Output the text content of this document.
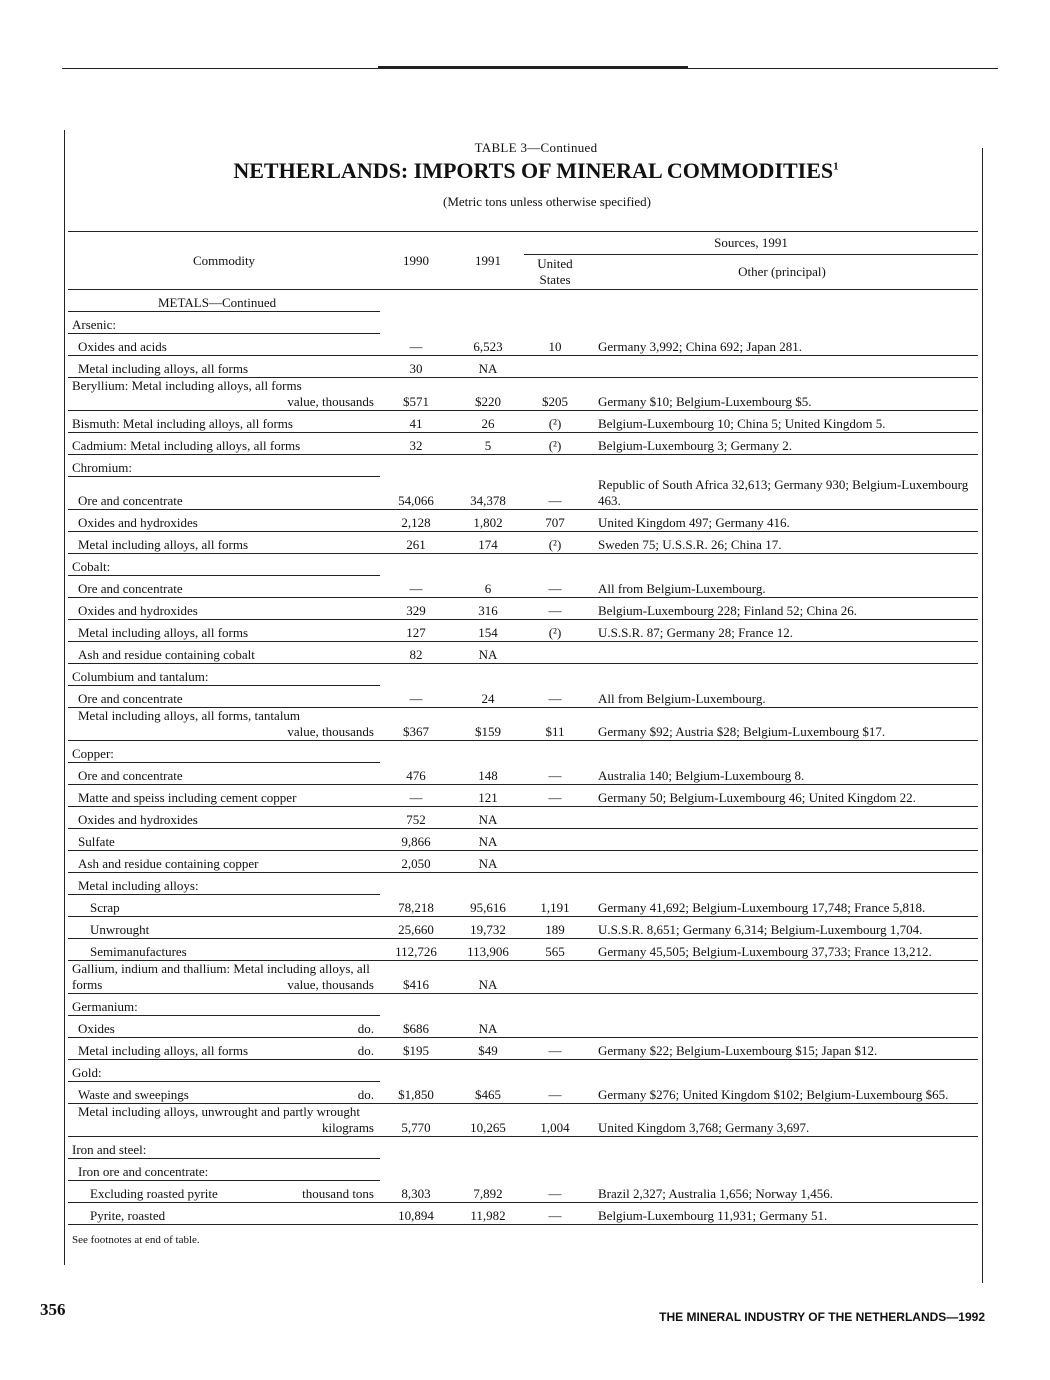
TABLE 3—Continued
NETHERLANDS: IMPORTS OF MINERAL COMMODITIES$^1$
(Metric tons unless otherwise specified)

Commodity	1990	1991	Sources, 1991	
			United States	Other (principal)
METALS—Continued				
Arsenic:				
Oxides and acids	—	6,523	10	Germany 3,992; China 692; Japan 281.
Metal including alloys, all forms	30	NA		
Beryllium: Metal including alloys, all forms
value, thousands	$571	$220	$205	Germany $10; Belgium-Luxembourg $5.
Bismuth: Metal including alloys, all forms	41	26	(²)	Belgium-Luxembourg 10; China 5; United Kingdom 5.
Cadmium: Metal including alloys, all forms	32	5	(²)	Belgium-Luxembourg 3; Germany 2.
Chromium:				
Ore and concentrate	54,066	34,378	—	Republic of South Africa 32,613; Germany 930; Belgium-Luxembourg 463.
Oxides and hydroxides	2,128	1,802	707	United Kingdom 497; Germany 416.
Metal including alloys, all forms	261	174	(²)	Sweden 75; U.S.S.R. 26; China 17.
Cobalt:				
Ore and concentrate	—	6	—	All from Belgium-Luxembourg.
Oxides and hydroxides	329	316	—	Belgium-Luxembourg 228; Finland 52; China 26.
Metal including alloys, all forms	127	154	(²)	U.S.S.R. 87; Germany 28; France 12.
Ash and residue containing cobalt	82	NA		
Columbium and tantalum:				
Ore and concentrate	—	24	—	All from Belgium-Luxembourg.
Metal including alloys, all forms, tantalum
value, thousands	$367	$159	$11	Germany $92; Austria $28; Belgium-Luxembourg $17.
Copper:				
Ore and concentrate	476	148	—	Australia 140; Belgium-Luxembourg 8.
Matte and speiss including cement copper	—	121	—	Germany 50; Belgium-Luxembourg 46; United Kingdom 22.
Oxides and hydroxides	752	NA		
Sulfate	9,866	NA		
Ash and residue containing copper	2,050	NA		
Metal including alloys:				
Scrap	78,218	95,616	1,191	Germany 41,692; Belgium-Luxembourg 17,748; France 5,818.
Unwrought	25,660	19,732	189	U.S.S.R. 8,651; Germany 6,314; Belgium-Luxembourg 1,704.
Semimanufactures	112,726	113,906	565	Germany 45,505; Belgium-Luxembourg 37,733; France 13,212.
Gallium, indium and thallium: Metal including alloys, all forms value, thousands	$416	NA		
Germanium:				
Oxides do.	$686	NA		
Metal including alloys, all forms do.	$195	$49	—	Germany $22; Belgium-Luxembourg $15; Japan $12.
Gold:				
Waste and sweepings do.	$1,850	$465	—	Germany $276; United Kingdom $102; Belgium-Luxembourg $65.
Metal including alloys, unwrought and partly wrought
kilograms	5,770	10,265	1,004	United Kingdom 3,768; Germany 3,697.
Iron and steel:				
Iron ore and concentrate:				
Excluding roasted pyrite thousand tons	8,303	7,892	—	Brazil 2,327; Australia 1,656; Norway 1,456.
Pyrite, roasted	10,894	11,982	—	Belgium-Luxembourg 11,931; Germany 51.
See footnotes at end of table.				
356	THE MINERAL INDUSTRY OF THE NETHERLANDS—1992
